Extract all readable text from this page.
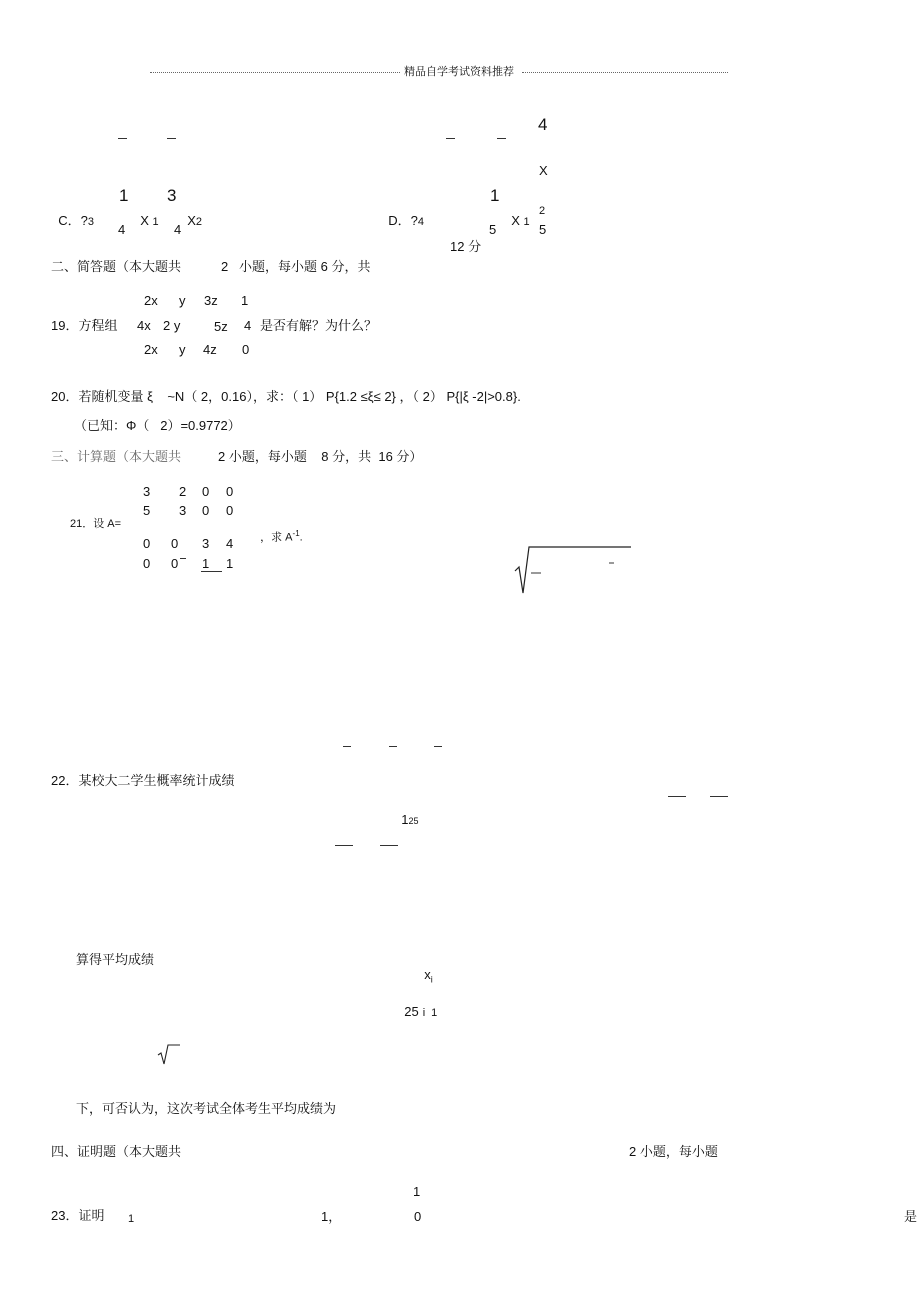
精品自学考试资料推荐
4
X

C．?3

1

X 1

3

X2

4	4

D．?4

1

X 1

2
5	5
12 分
二、简答题（本大题共	2 小题，每小题 6 分，共
2x y 3z 1
19．方程组 4x 2 y	5z 4 是否有解？为什么？
2x y 4z 0
20．若随机变量 ξ    ~N（ 2，0.16），求：（ 1） P{1.2 ≤ξ≤ 2} ，（ 2） P{|ξ -2|>0.8}.
（已知：Φ（   2）=0.9772）
三、计算题（本大题共	2 小题，每小题    8 分，共  16 分）
3 2 0 0
5 3 0 0
21．设 A=

，求 $A^{-1}$.

0 0 3 4
0 0 1 1
22．某校大二学生概率统计成绩

125

算得平均成绩

$x_i$

25 i 1

下，可否认为，这次考试全体考生平均成绩为
四、证明题（本大题共	2 小题，每小题
1
23．证明 1	1，	0	是
